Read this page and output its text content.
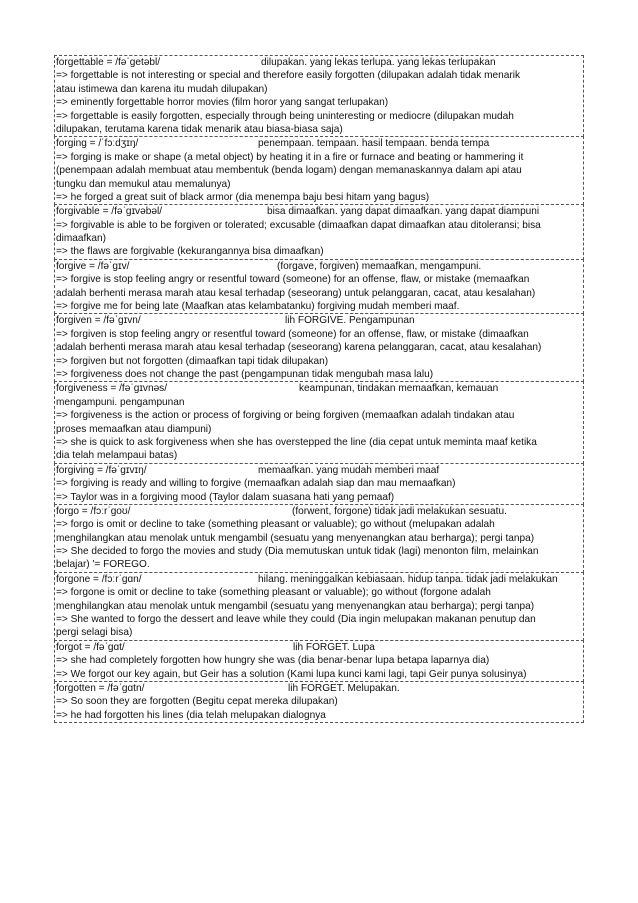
forgettable = /fəˈgetəbl/	dilupakan. yang lekas terlupa. yang lekas terlupakan
=> forgettable is not interesting or special and therefore easily forgotten (dilupakan adalah tidak menarik
atau istimewa dan karena itu mudah dilupakan)
=> eminently forgettable horror movies (film horor yang sangat terlupakan)
=> forgettable is easily forgotten, especially through being uninteresting or mediocre (dilupakan mudah
dilupakan, terutama karena tidak menarik atau biasa-biasa saja)
forging = /ˈfɔːdʒɪŋ/	penempaan. tempaan. hasil tempaan. benda tempa
=> forging is make or shape (a metal object) by heating it in a fire or furnace and beating or hammering it
(penempaan adalah membuat atau membentuk (benda logam) dengan memanaskannya dalam api atau
tungku dan memukul atau memalunya)
=> he forged a great suit of black armor (dia menempa baju besi hitam yang bagus)
forgivable = /fəˈgɪvəbəl/	bisa dimaafkan. yang dapat dimaafkan. yang dapat diampuni
=> forgivable is able to be forgiven or tolerated; excusable (dimaafkan dapat dimaafkan atau ditoleransi; bisa
dimaafkan)
=> the flaws are forgivable (kekurangannya bisa dimaafkan)
forgive = /fəˈgɪv/	(forgave, forgiven) memaafkan, mengampuni.
=> forgive is stop feeling angry or resentful toward (someone) for an offense, flaw, or mistake (memaafkan
adalah berhenti merasa marah atau kesal terhadap (seseorang) untuk pelanggaran, cacat, atau kesalahan)
=> forgive me for being late (Maafkan atas kelambatanku) forgiving mudah memberi maaf.
forgiven = /fəˈgɪvn/	lih FORGIVE. Pengampunan
=> forgiven is stop feeling angry or resentful toward (someone) for an offense, flaw, or mistake (dimaafkan
adalah berhenti merasa marah atau kesal terhadap (seseorang) karena pelanggaran, cacat, atau kesalahan)
=> forgiven but not forgotten (dimaafkan tapi tidak dilupakan)
=> forgiveness does not change the past (pengampunan tidak mengubah masa lalu)
forgiveness = /fəˈgɪvnəs/	keampunan, tindakan memaafkan, kemauan
mengampuni. pengampunan
=> forgiveness is the action or process of forgiving or being forgiven (memaafkan adalah tindakan atau
proses memaafkan atau diampuni)
=> she is quick to ask forgiveness when she has overstepped the line (dia cepat untuk meminta maaf ketika
dia telah melampaui batas)
forgiving = /fəˈgɪvɪŋ/	memaafkan. yang mudah memberi maaf
=> forgiving is ready and willing to forgive (memaafkan adalah siap dan mau memaafkan)
=> Taylor was in a forgiving mood (Taylor dalam suasana hati yang pemaaf)
forgo = /fɔːrˈgoʊ/	(forwent, forgone) tidak jadi melakukan sesuatu.
=> forgo is omit or decline to take (something pleasant or valuable); go without (melupakan adalah
menghilangkan atau menolak untuk mengambil (sesuatu yang menyenangkan atau berharga); pergi tanpa)
=> She decided to forgo the movies and study (Dia memutuskan untuk tidak (lagi) menonton film, melainkan
belajar) '= FOREGO.
forgone = /fɔːrˈgɑn/	hilang. meninggalkan kebiasaan. hidup tanpa. tidak jadi melakukan
=> forgone is omit or decline to take (something pleasant or valuable); go without (forgone adalah
menghilangkan atau menolak untuk mengambil (sesuatu yang menyenangkan atau berharga); pergi tanpa)
=> She wanted to forgo the dessert and leave while they could (Dia ingin melupakan makanan penutup dan
pergi selagi bisa)
forgot = /fəˈgɑt/	lih FORGET. Lupa
=> she had completely forgotten how hungry she was (dia benar-benar lupa betapa laparnya dia)
=> We forgot our key again, but Geir has a solution (Kami lupa kunci kami lagi, tapi Geir punya solusinya)
forgotten = /fəˈgɑtn/	lih FORGET. Melupakan.
=> So soon they are forgotten (Begitu cepat mereka dilupakan)
=> he had forgotten his lines (dia telah melupakan dialognya
